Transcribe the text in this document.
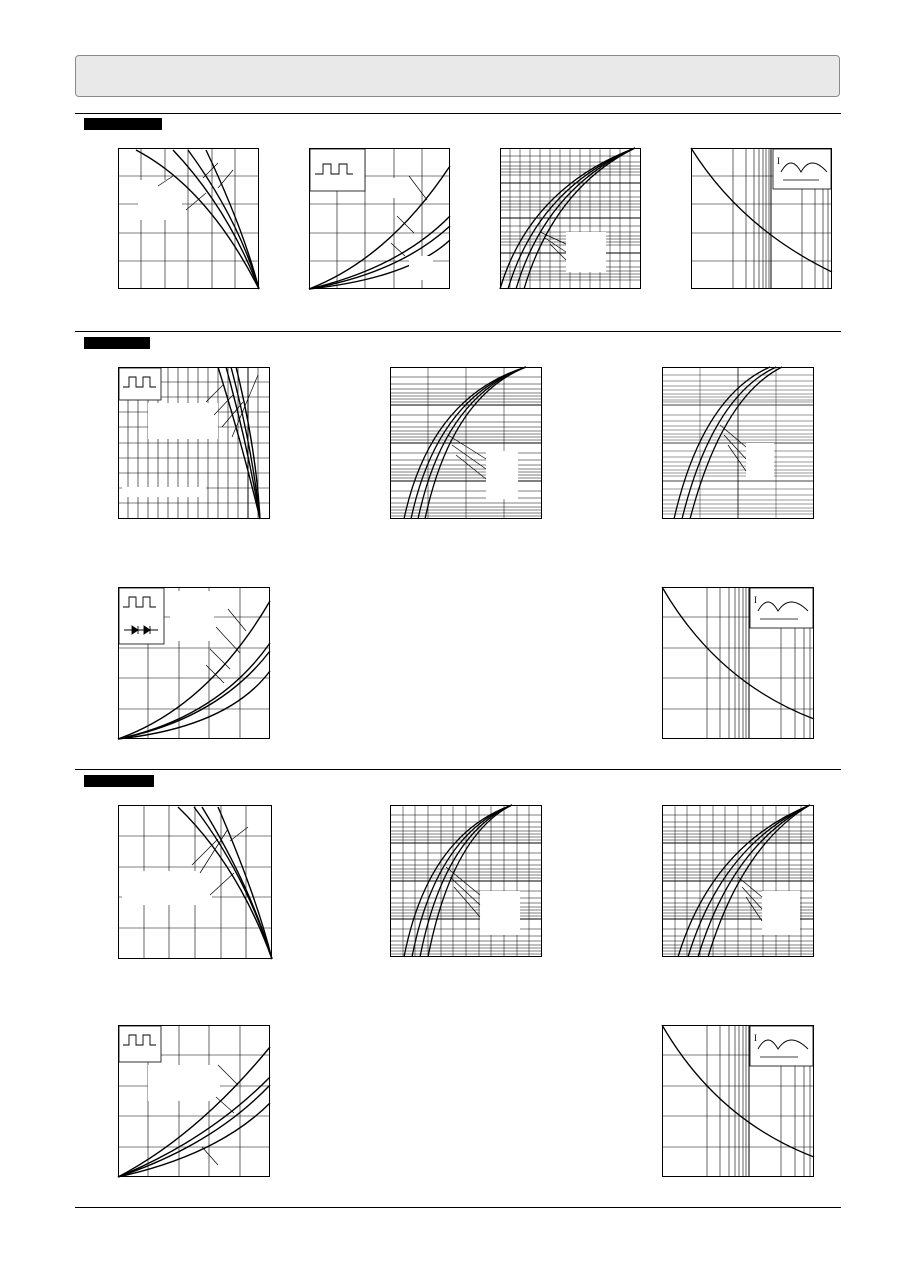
I
I
I
